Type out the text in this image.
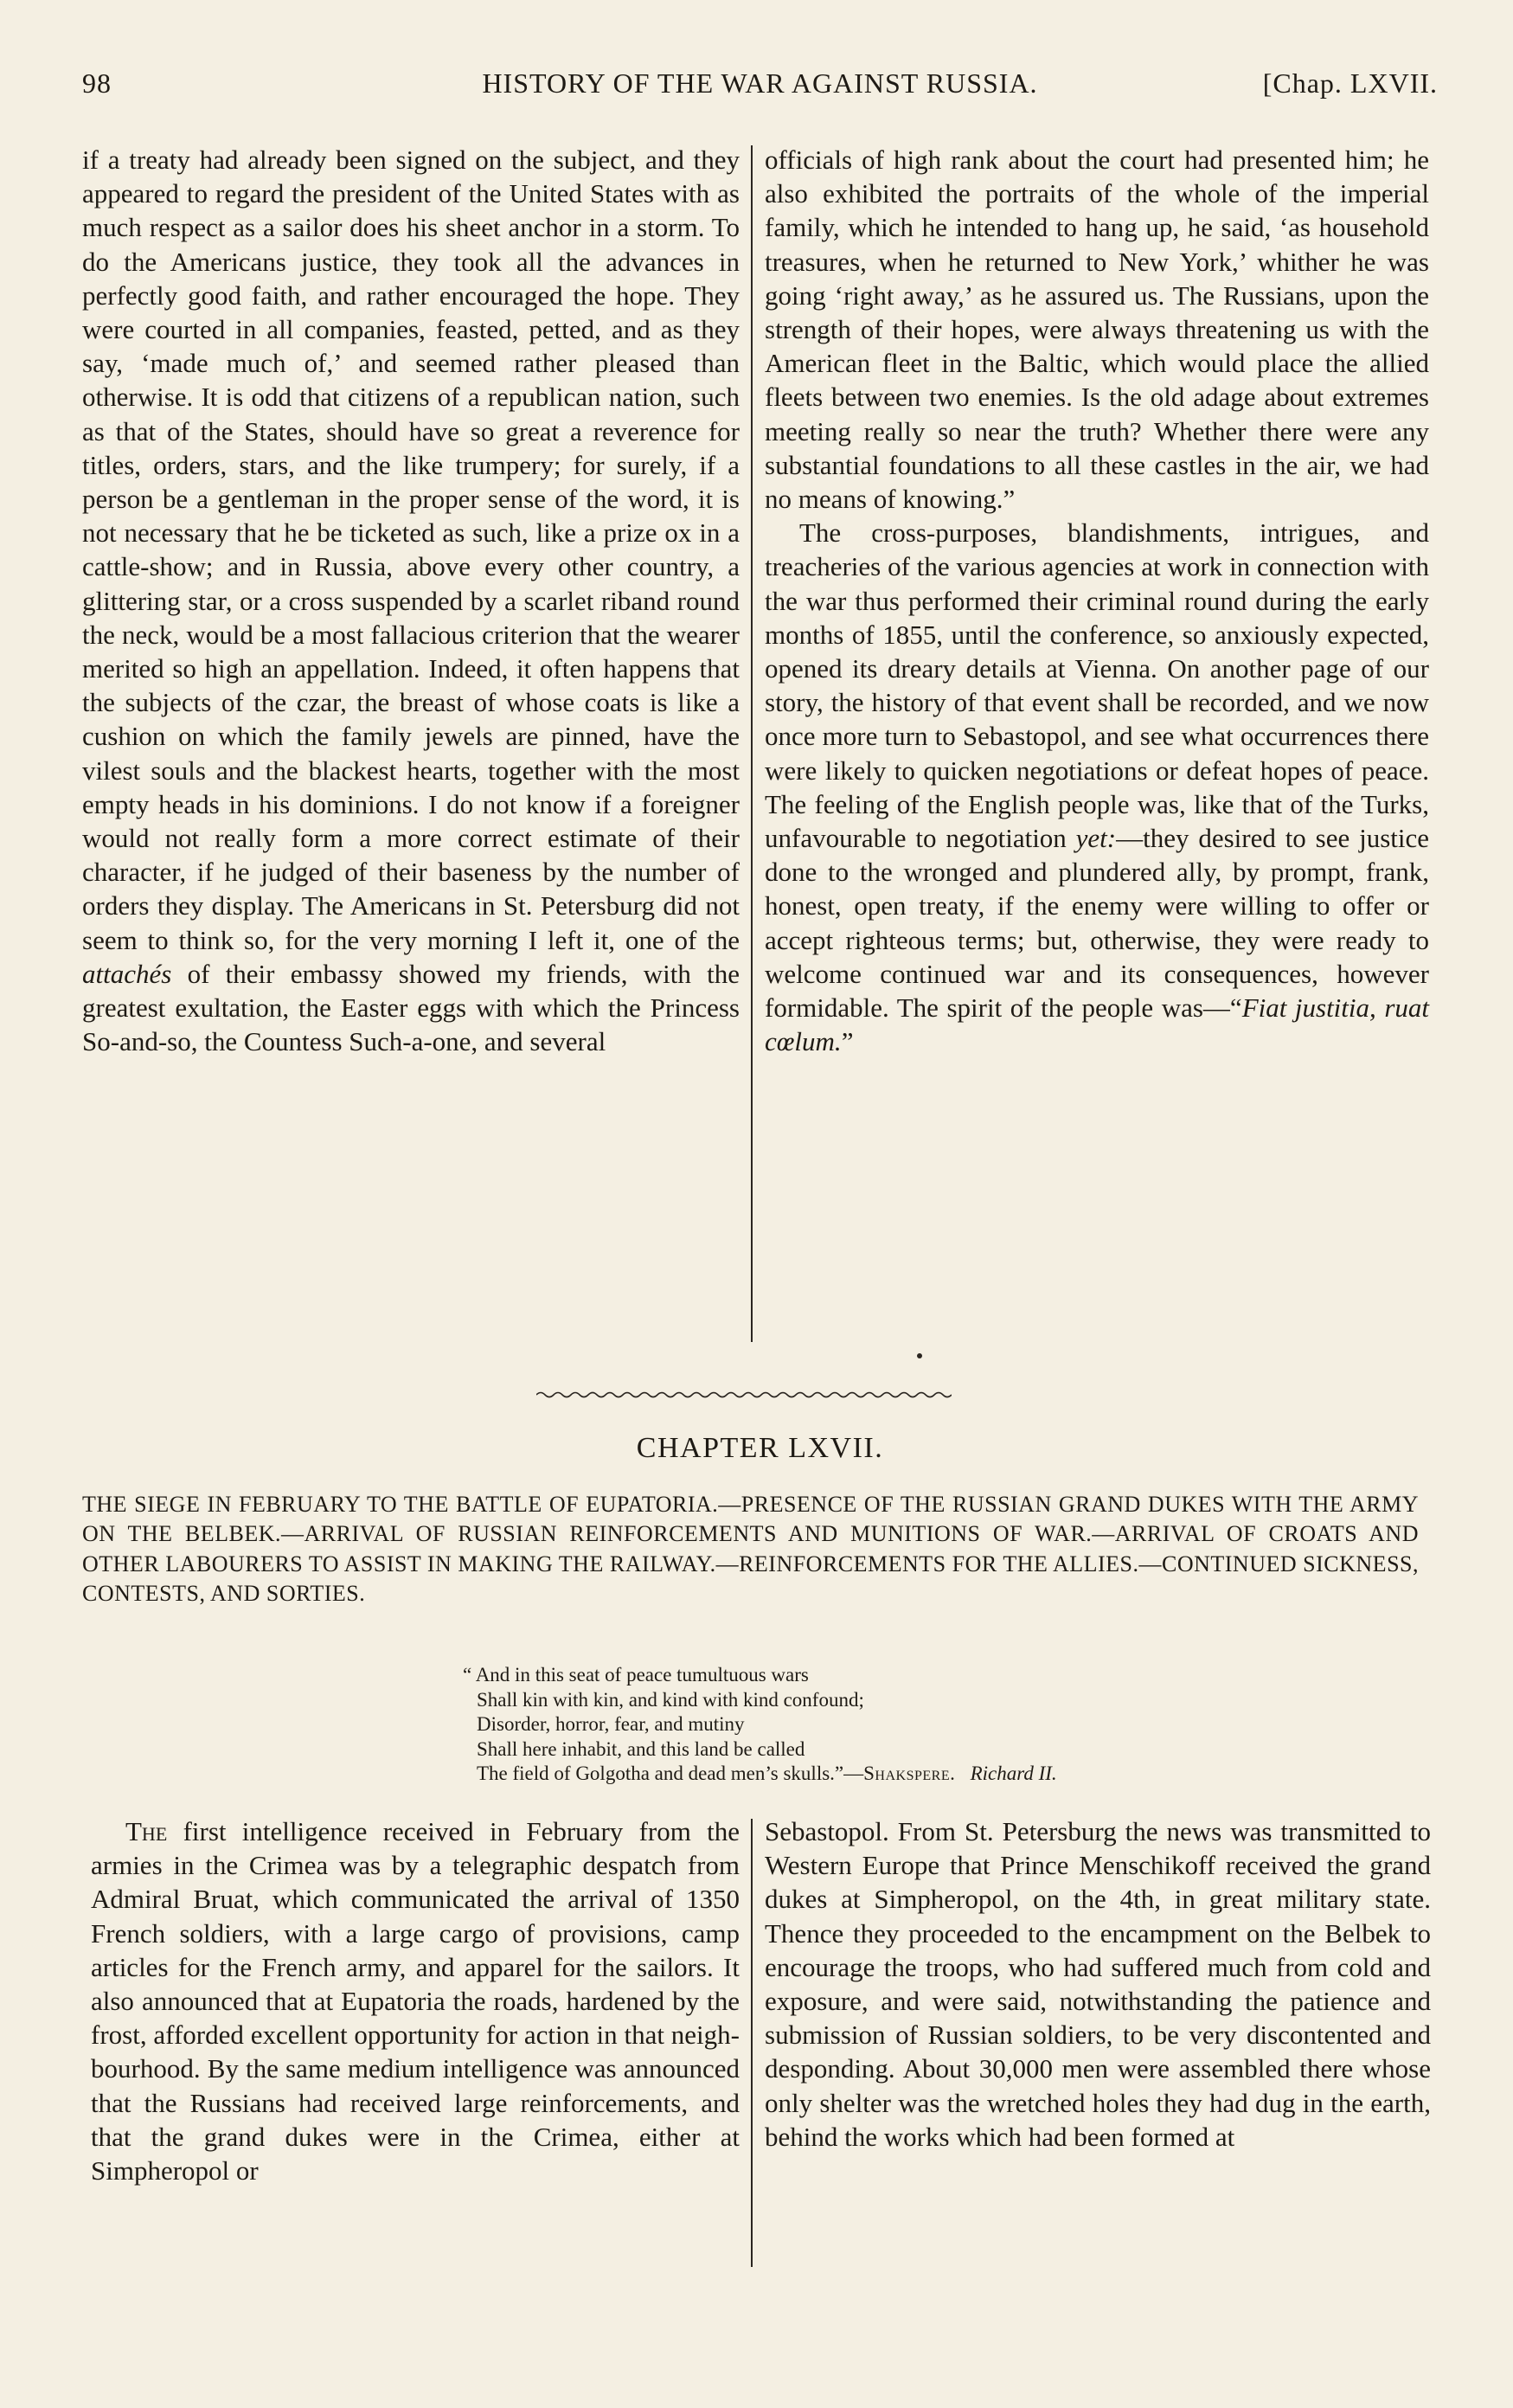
98	HISTORY OF THE WAR AGAINST RUSSIA.	[Chap. LXVII.

if a treaty had already been signed on the subject, and they appeared to regard the president of the United States with as much respect as a sailor does his sheet anchor in a storm. To do the Americans justice, they took all the advances in perfectly good faith, and rather encouraged the hope. They were courted in all companies, feasted, petted, and as they say, ‘made much of,’ and seemed rather pleased than otherwise. It is odd that citizens of a republican nation, such as that of the States, should have so great a reverence for titles, orders, stars, and the like trumpery; for surely, if a person be a gentleman in the proper sense of the word, it is not necessary that he be ticketed as such, like a prize ox in a cattle-show; and in Russia, above every other country, a glittering star, or a cross suspended by a scarlet riband round the neck, would be a most fallacious criterion that the wearer merited so high an appellation. Indeed, it often happens that the subjects of the czar, the breast of whose coats is like a cushion on which the family jewels are pinned, have the vilest souls and the blackest hearts, together with the most empty heads in his dominions. I do not know if a foreigner would not really form a more correct estimate of their character, if he judged of their baseness by the number of orders they display. The Americans in St. Petersburg did not seem to think so, for the very morning I left it, one of the attachés of their embassy showed my friends, with the greatest exultation, the Easter eggs with which the Princess So-and-so, the Countess Such-a-one, and several

officials of high rank about the court had presented him; he also exhibited the portraits of the whole of the imperial family, which he intended to hang up, he said, ‘as household treasures, when he returned to New York,’ whither he was going ‘right away,’ as he assured us. The Russians, upon the strength of their hopes, were always threatening us with the American fleet in the Baltic, which would place the allied fleets between two enemies. Is the old adage about extremes meeting really so near the truth? Whether there were any substantial foundations to all these castles in the air, we had no means of knowing.”

The cross-purposes, blandishments, intrigues, and treacheries of the various agencies at work in connection with the war thus performed their criminal round during the early months of 1855, until the conference, so anxiously expected, opened its dreary details at Vienna. On another page of our story, the history of that event shall be recorded, and we now once more turn to Sebastopol, and see what occurrences there were likely to quicken negotiations or defeat hopes of peace. The feeling of the English people was, like that of the Turks, unfavourable to negotiation yet:—they desired to see justice done to the wronged and plundered ally, by prompt, frank, honest, open treaty, if the enemy were willing to offer or accept righteous terms; but, otherwise, they were ready to welcome continued war and its consequences, however formidable. The spirit of the people was—“Fiat justitia, ruat cœlum.”

CHAPTER LXVII.
THE SIEGE IN FEBRUARY TO THE BATTLE OF EUPATORIA.—PRESENCE OF THE RUSSIAN GRAND DUKES WITH THE ARMY ON THE BELBEK.—ARRIVAL OF RUSSIAN REINFORCEMENTS AND MUNITIONS OF WAR.—ARRIVAL OF CROATS AND OTHER LABOURERS TO ASSIST IN MAKING THE RAILWAY.—REINFORCEMENTS FOR THE ALLIES.—CONTINUED SICKNESS, CONTESTS, AND SORTIES.
“ And in this seat of peace tumultuous wars
Shall kin with kin, and kind with kind confound;
Disorder, horror, fear, and mutiny
Shall here inhabit, and this land be called
The field of Golgotha and dead men’s skulls.”—Shakspere. Richard II.

The first intelligence received in February from the armies in the Crimea was by a telegraphic despatch from Admiral Bruat, which communicated the arrival of 1350 French soldiers, with a large cargo of provisions, camp articles for the French army, and apparel for the sailors. It also announced that at Eupatoria the roads, hardened by the frost, afforded excellent opportunity for action in that neighbourhood. By the same medium intelligence was announced that the Russians had received large reinforcements, and that the grand dukes were in the Crimea, either at Simpheropol or

Sebastopol. From St. Petersburg the news was transmitted to Western Europe that Prince Menschikoff received the grand dukes at Simpheropol, on the 4th, in great military state. Thence they proceeded to the encampment on the Belbek to encourage the troops, who had suffered much from cold and exposure, and were said, notwithstanding the patience and submission of Russian soldiers, to be very discontented and desponding. About 30,000 men were assembled there whose only shelter was the wretched holes they had dug in the earth, behind the works which had been formed at
